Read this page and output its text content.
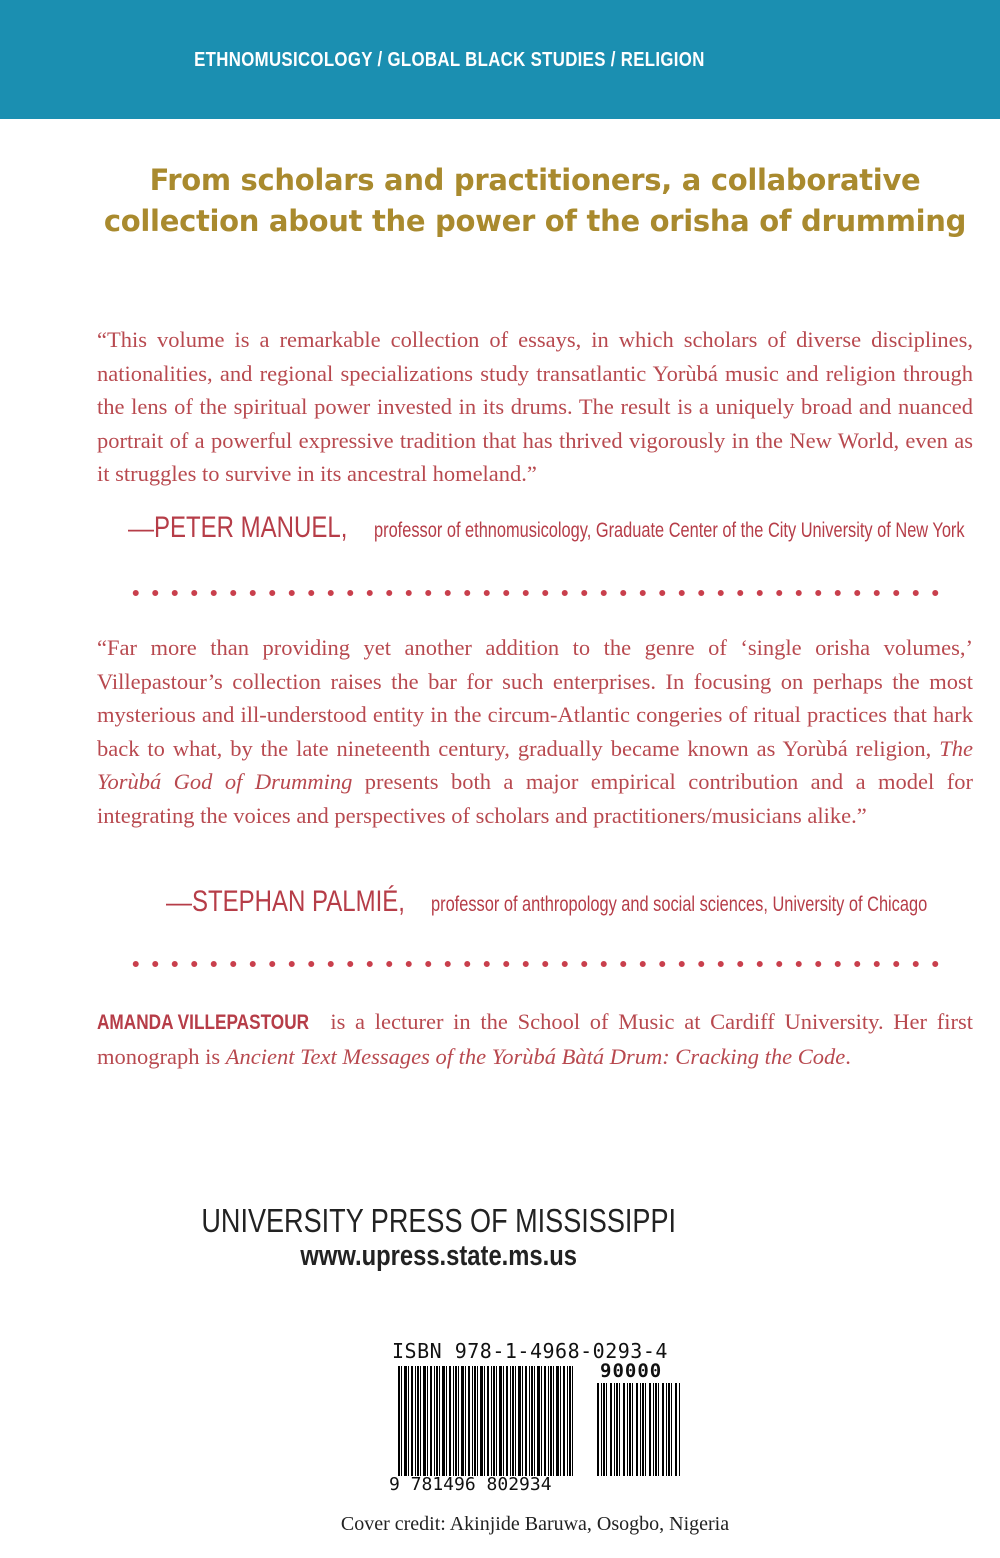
ETHNOMUSICOLOGY / GLOBAL BLACK STUDIES / RELIGION
From scholars and practitioners, a collaborative
collection about the power of the orisha of drumming

“This volume is a remarkable collection of essays, in which scholars of diverse disciplines, nationalities, and regional specializations study transatlantic Yorùbá music and religion through the lens of the spiritual power invested in its drums. The result is a uniquely broad and nuanced portrait of a powerful expressive tradition that has thrived vigorously in the New World, even as it struggles to survive in its ancestral homeland.”

—PETER MANUEL, professor of ethnomusicology, Graduate Center of the City University of New York

“Far more than providing yet another addition to the genre of ‘single orisha volumes,’ Villepastour’s collection raises the bar for such enterprises. In focusing on perhaps the most mysterious and ill-understood entity in the circum-Atlantic congeries of ritual practices that hark back to what, by the late nineteenth century, gradually became known as Yorùbá religion, The Yorùbá God of Drumming presents both a major empirical contribution and a model for integrating the voices and perspectives of scholars and practitioners/musicians alike.”

—STEPHAN PALMIÉ, professor of anthropology and social sciences, University of Chicago

AMANDA VILLEPASTOUR is a lecturer in the School of Music at Cardiff University. Her first monograph is Ancient Text Messages of the Yorùbá Bàtá Drum: Cracking the Code.

UNIVERSITY PRESS OF MISSISSIPPI
www.upress.state.ms.us
ISBN 978-1-4968-0293-4
90000
9 781496 802934
Cover credit: Akinjide Baruwa, Osogbo, Nigeria
